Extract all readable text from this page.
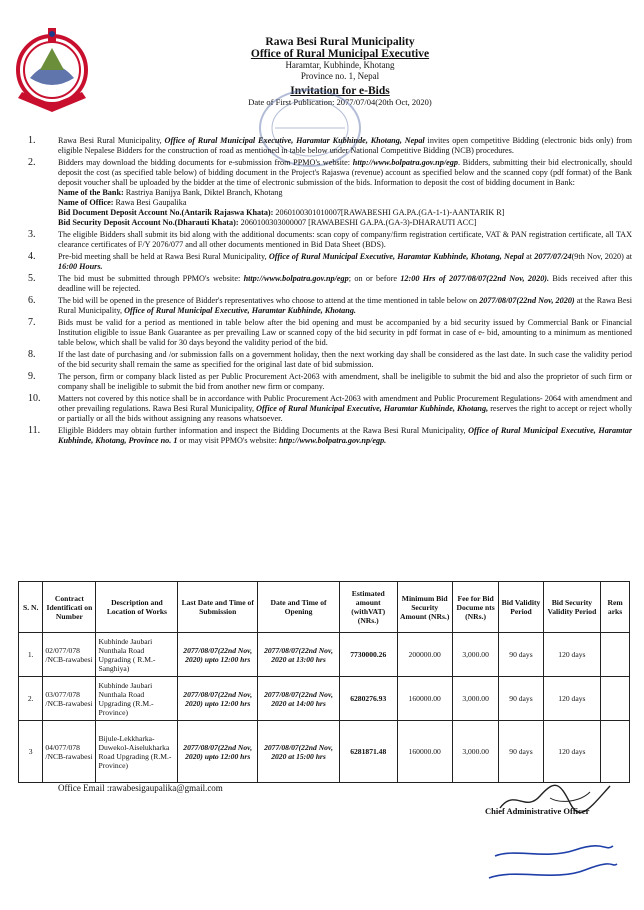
Rawa Besi Rural Municipality
Office of Rural Municipal Executive
Haramtar, Kubhinde, Khotang
Province no. 1, Nepal
Invitation for e-Bids
Date of First Publication: 2077/07/04(20th Oct, 2020)
1.	Rawa Besi Rural Municipality, Office of Rural Municipal Executive, Haramtar Kubhinde, Khotang, Nepal invites open competitive Bidding (electronic bids only) from eligible Nepalese Bidders for the construction of road as mentioned in table below under National Competitive Bidding (NCB) procedures.
2.	Bidders may download the bidding documents for e-submission from PPMO's website: http://www.bolpatra.gov.np/egp. Bidders, submitting their bid electronically, should deposit the cost (as specified table below) of bidding document in the Project's Rajaswa (revenue) account as specified below and the scanned copy (pdf format) of the Bank deposit voucher shall be uploaded by the bidder at the time of electronic submission of the bids. Information to deposit the cost of bidding document in Bank:
Name of the Bank: Rastriya Banijya Bank, Diktel Branch, Khotang
Name of Office: Rawa Besi Gaupalika
Bid Document Deposit Account No.(Antarik Rajaswa Khata): 2060100301010007[RAWABESHI GA.PA.(GA-1-1)-AANTARIK R]
Bid Security Deposit Account No.(Dharauti Khata): 2060100303000007 [RAWABESHI GA.PA.(GA-3)-DHARAUTI ACC]
3.	The eligible Bidders shall submit its bid along with the additional documents: scan copy of company/firm registration certificate, VAT & PAN registration certificate, all TAX clearance certificates of F/Y 2076/077 and all other documents mentioned in Bid Data Sheet (BDS).
4.	Pre-bid meeting shall be held at Rawa Besi Rural Municipality, Office of Rural Municipal Executive, Haramtar Kubhinde, Khotang, Nepal at 2077/07/24(9th Nov, 2020) at 16:00 Hours.
5.	The bid must be submitted through PPMO's website: http://www.bolpatra.gov.np/egp; on or before 12:00 Hrs of 2077/08/07(22nd Nov, 2020). Bids received after this deadline will be rejected.
6.	The bid will be opened in the presence of Bidder's representatives who choose to attend at the time mentioned in table below on 2077/08/07(22nd Nov, 2020) at the Rawa Besi Rural Municipality, Office of Rural Municipal Executive, Haramtar Kubhinde, Khotang.
7.	Bids must be valid for a period as mentioned in table below after the bid opening and must be accompanied by a bid security issued by Commercial Bank or Financial Institution eligible to issue Bank Guarantee as per prevailing Law or scanned copy of the bid security in pdf format in case of e- bid, amounting to a minimum as mentioned table below, which shall be valid for 30 days beyond the validity period of the bid.
8.	If the last date of purchasing and /or submission falls on a government holiday, then the next working day shall be considered as the last date. In such case the validity period of the bid security shall remain the same as specified for the original last date of bid submission.
9.	The person, firm or company black listed as per Public Procurement Act-2063 with amendment, shall be ineligible to submit the bid and also the proprietor of such firm or company shall be ineligible to submit the bid from another new firm or company.
10. Matters not covered by this notice shall be in accordance with Public Procurement Act-2063 with amendment and Public Procurement Regulations- 2064 with amendment and other prevailing regulations. Rawa Besi Rural Municipality, Office of Rural Municipal Executive, Haramtar Kubhinde, Khotang, reserves the right to accept or reject wholly or partially or all the bids without assigning any reasons whatsoever.
11. Eligible Bidders may obtain further information and inspect the Bidding Documents at the Rawa Besi Rural Municipality, Office of Rural Municipal Executive, Haramtar Kubhinde, Khotang, Province no. 1 or may visit PPMO's website: http://www.bolpatra.gov.np/egp.
S. N.	Contract Identificati on Number	Description and Location of Works	Last Date and Time of Submission	Date and Time of Opening	Estimated amount (withVAT) (NRs.)	Minimum Bid Security Amount (NRs.)	Fee for Bid Docume nts (NRs.)	Bid Validity Period	Bid Security Validity Period	Rem arks
1.	02/077/078 /NCB-rawabesi	Kubhinde Jaubari Nunthala Road Upgrading ( R.M.-Sanghiya)	2077/08/07(22nd Nov, 2020) upto 12:00 hrs	2077/08/07(22nd Nov, 2020 at 13:00 hrs	7730000.26	200000.00	3,000.00	90 days	120 days	
2.	03/077/078 /NCB-rawabesi	Kubhinde Jaubari Nunthala Road Upgrading (R.M.-Province)	2077/08/07(22nd Nov, 2020) upto 12:00 hrs	2077/08/07(22nd Nov, 2020 at 14:00 hrs	6280276.93	160000.00	3,000.00	90 days	120 days	
3	04/077/078 /NCB-rawabesi	Bijule-Lekkharka-Duwekol-Aiselukharka Road Upgrading (R.M.-Province)	2077/08/07(22nd Nov, 2020) upto 12:00 hrs	2077/08/07(22nd Nov, 2020 at 15:00 hrs	6281871.48	160000.00	3,000.00	90 days	120 days	
Office Email :rawabesigaupalika@gmail.com
Chief Administrative Officer
